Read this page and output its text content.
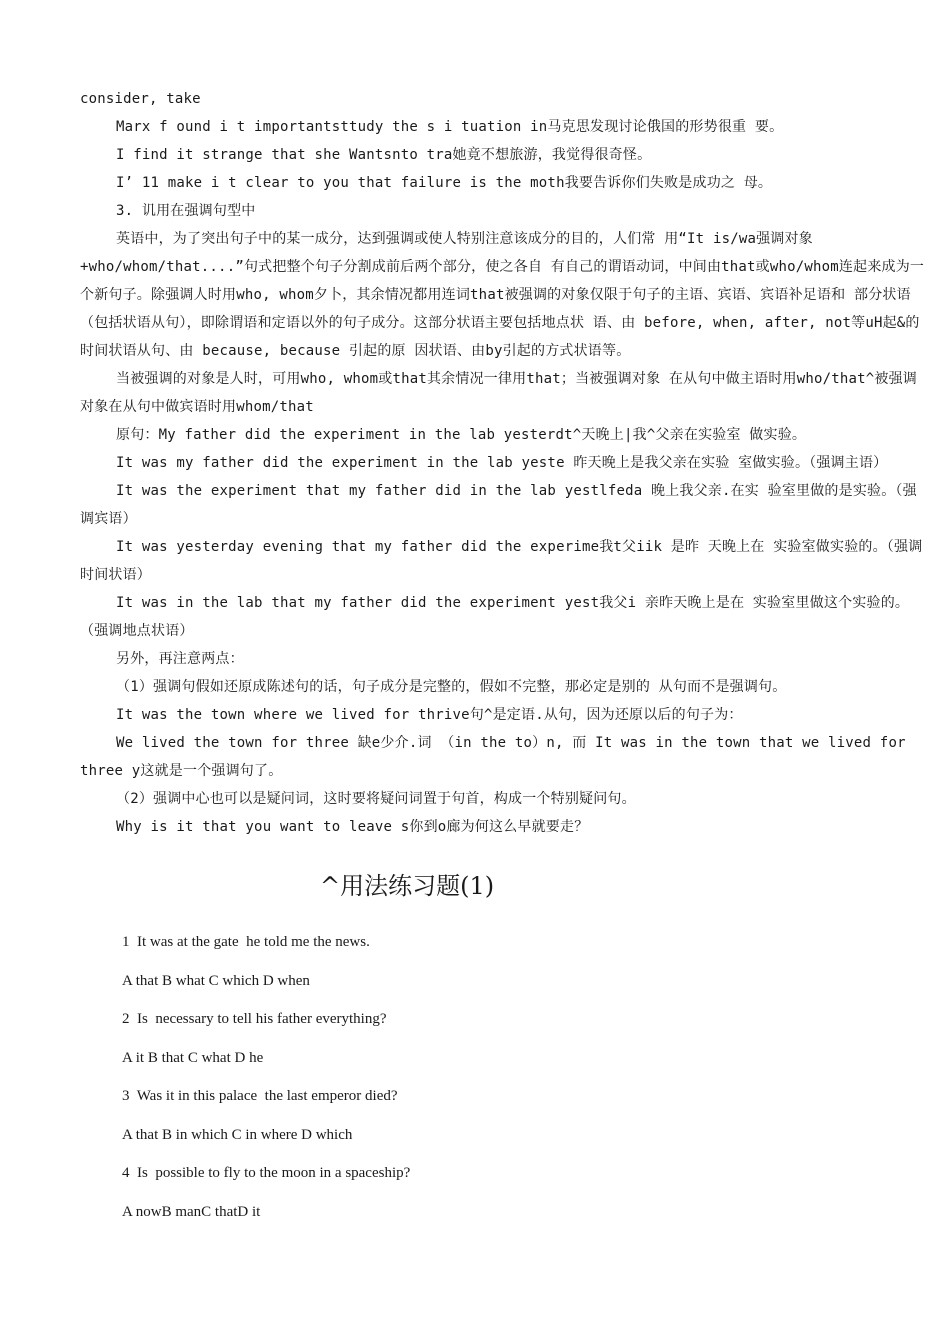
consider, take

Marx f ound i t importantsttudy the s i tuation in马克思发现讨论俄国的形势很重 要。

I find it strange that she Wantsnto tra她竟不想旅游，我觉得很奇怪。

I’ 11 make i t clear to you that failure is the moth我要告诉你们失败是成功之 母。

3. 讥用在强调句型中

英语中，为了突出句子中的某一成分，达到强调或使人特别注意该成分的目的，人们常 用“It is/wa强调对象+who/whom/that....”句式把整个句子分割成前后两个部分，使之各自 有自己的谓语动词，中间由that或who/whom连起来成为一个新句子。除强调人时用who, whom夕卜，其余情况都用连词that被强调的对象仅限于句子的主语、宾语、宾语补足语和 部分状语（包括状语从句），即除谓语和定语以外的句子成分。这部分状语主要包括地点状 语、由 before, when, after, not等uH起&的时间状语从句、由 because, because 引起的原 因状语、由by引起的方式状语等。

当被强调的对象是人时，可用who, whom或that其余情况一律用that；当被强调对象 在从句中做主语时用who/that^被强调对象在从句中做宾语时用whom/that

原句：My father did the experiment in the lab yesterdt^天晚上|我^父亲在实验室 做实验。

It was my father did the experiment in the lab yeste 昨天晚上是我父亲在实验 室做实验。（强调主语）

It was the experiment that my father did in the lab yestlfeda 晚上我父亲.在实 验室里做的是实验。（强调宾语）

It was yesterday evening that my father did the experime我t父iik 是昨 天晚上在 实验室做实验的。（强调时间状语）

It was in the lab that my father did the experiment yest我父i 亲昨天晚上是在 实验室里做这个实验的。（强调地点状语）

另外，再注意两点：

（1）强调句假如还原成陈述句的话，句子成分是完整的，假如不完整，那必定是别的 从句而不是强调句。

It was the town where we lived for thrive句^是定语.从句，因为还原以后的句子为：

We lived the town for three 缺e少介.词 （in the to）n, 而 It was in the town that we lived for three y这就是一个强调句了。

（2）强调中心也可以是疑问词，这时要将疑问词置于句首，构成一个特别疑问句。

Why is it that you want to leave s你到o廊为何这么早就要走？

^用法练习题(1)

1  It was at the gate  he told me the news.

A that B what C which D when

2  Is  necessary to tell his father everything?

A it B that C what D he

3  Was it in this palace  the last emperor died?

A that B in which C in where D which

4  Is  possible to fly to the moon in a spaceship?

A nowB manC thatD it
